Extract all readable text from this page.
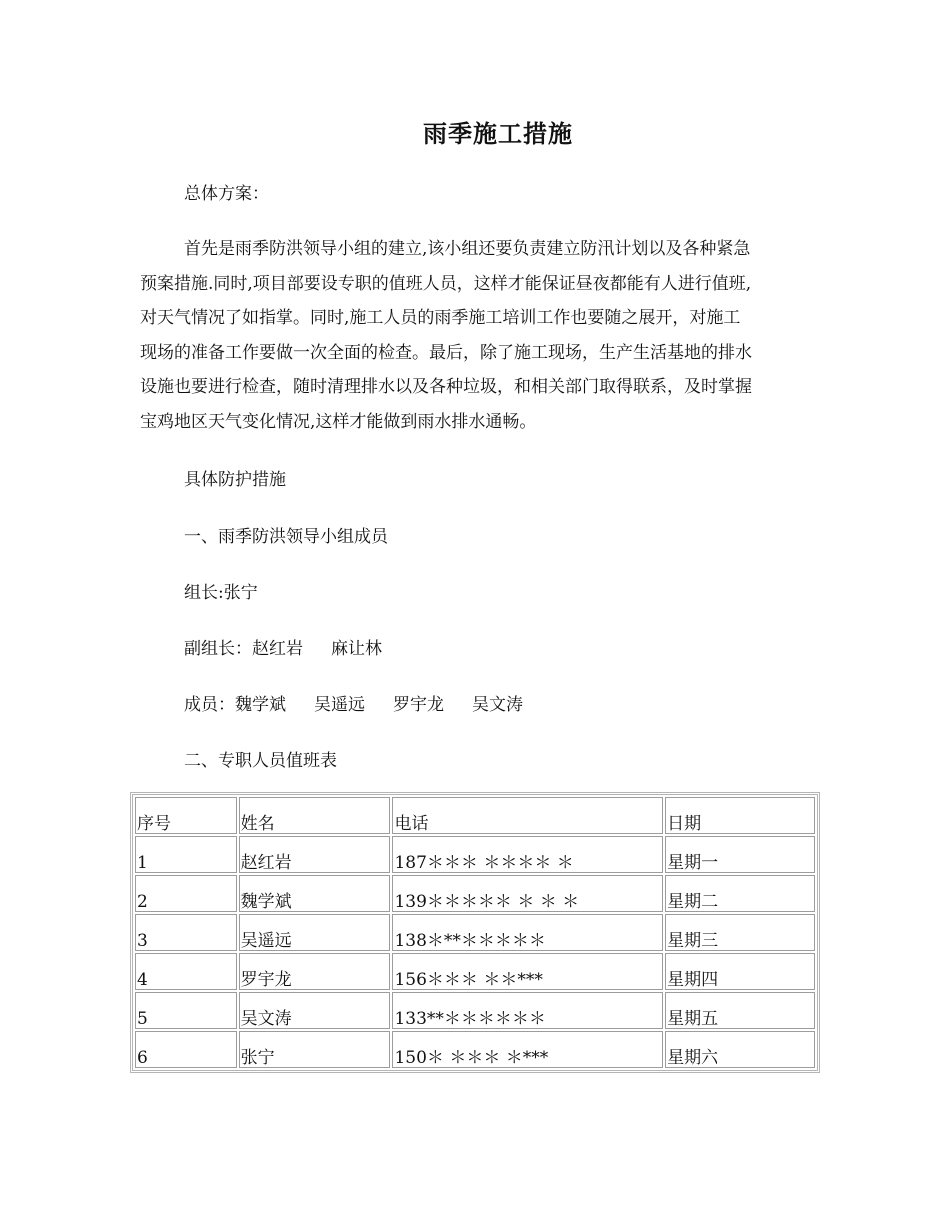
雨季施工措施
总体方案：
首先是雨季防洪领导小组的建立,该小组还要负责建立防汛计划以及各种紧急
预案措施.同时,项目部要设专职的值班人员，这样才能保证昼夜都能有人进行值班,
对天气情况了如指掌。同时,施工人员的雨季施工培训工作也要随之展开，对施工
现场的准备工作要做一次全面的检查。最后，除了施工现场，生产生活基地的排水
设施也要进行检查，随时清理排水以及各种垃圾，和相关部门取得联系，及时掌握
宝鸡地区天气变化情况,这样才能做到雨水排水通畅。
具体防护措施
一、雨季防洪领导小组成员
组长:张宁
副组长：赵红岩 麻让林
成员：魏学斌 吴遥远 罗宇龙 吴文涛
二、专职人员值班表
序号	姓名	电话	日期
1	赵红岩	187＊＊＊ ＊＊＊＊ ＊	星期一
2	魏学斌	139＊＊＊＊＊ ＊ ＊ ＊	星期二
3	吴遥远	138＊**＊＊＊＊＊	星期三
4	罗宇龙	156＊＊＊ ＊＊***	星期四
5	吴文涛	133**＊＊＊＊＊＊	星期五
6	张宁	150＊ ＊＊＊ ＊***	星期六
